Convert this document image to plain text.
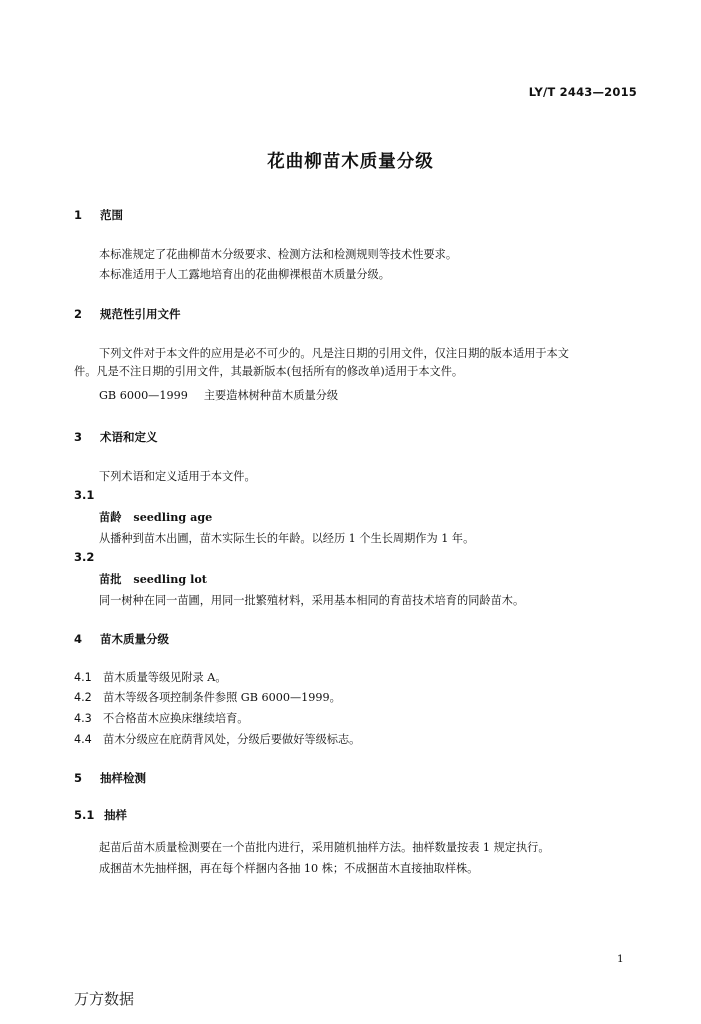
LY/T 2443—2015
花曲柳苗木质量分级
1 范围
本标准规定了花曲柳苗木分级要求、检测方法和检测规则等技术性要求。
本标准适用于人工露地培育出的花曲柳裸根苗木质量分级。
2 规范性引用文件
下列文件对于本文件的应用是必不可少的。凡是注日期的引用文件，仅注日期的版本适用于本文
件。凡是不注日期的引用文件，其最新版本(包括所有的修改单)适用于本文件。
GB 6000—1999 主要造林树种苗木质量分级
3 术语和定义
下列术语和定义适用于本文件。
3.1
苗龄 seedling age
从播种到苗木出圃，苗木实际生长的年龄。以经历 1 个生长周期作为 1 年。
3.2
苗批 seedling lot
同一树种在同一苗圃，用同一批繁殖材料，采用基本相同的育苗技术培育的同龄苗木。
4 苗木质量分级
4.1 苗木质量等级见附录 A。
4.2 苗木等级各项控制条件参照 GB 6000—1999。
4.3 不合格苗木应换床继续培育。
4.4 苗木分级应在庇荫背风处，分级后要做好等级标志。
5 抽样检测
5.1 抽样
起苗后苗木质量检测要在一个苗批内进行，采用随机抽样方法。抽样数量按表 1 规定执行。
成捆苗木先抽样捆，再在每个样捆内各抽 10 株；不成捆苗木直接抽取样株。
1
万方数据
